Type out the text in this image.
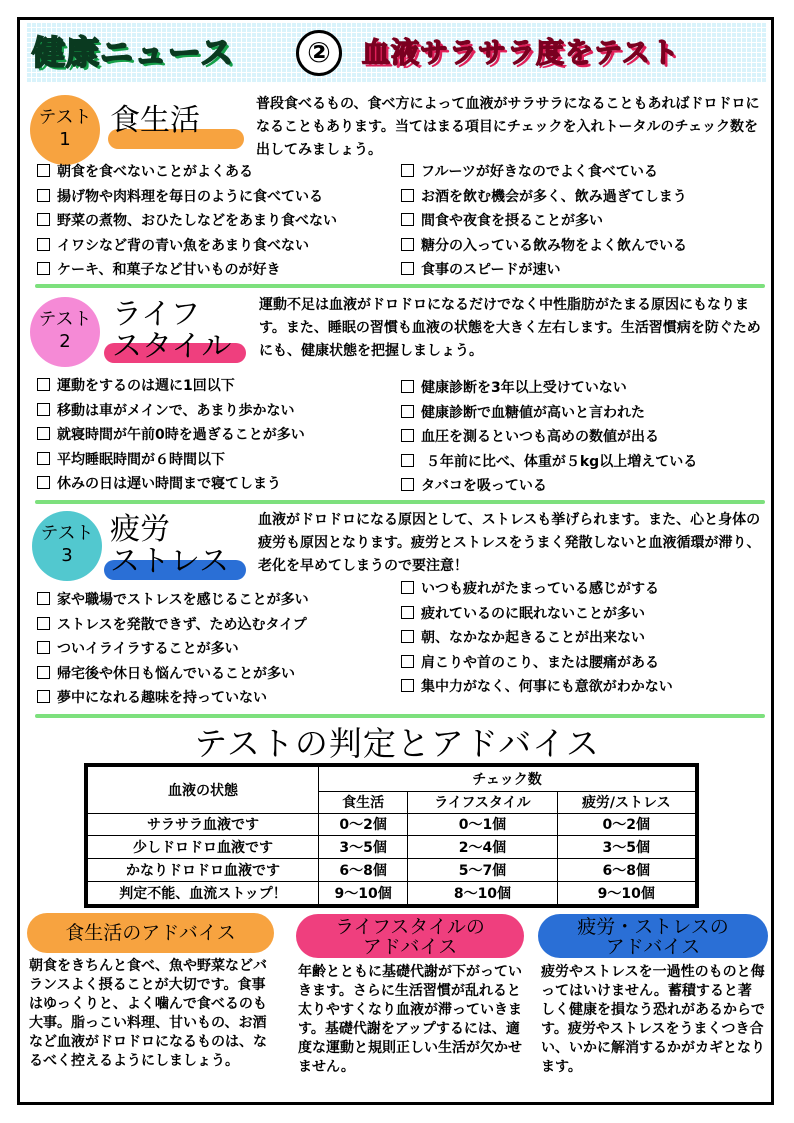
健康ニュース	②	血液サラサラ度をテスト
テスト
1
食生活	普段食べるもの、食べ方によって血液がサラサラになることもあればドロドロになることもあります。当てはまる項目にチェックを入れトータルのチェック数を出してみましょう。
朝食を食べないことがよくある
揚げ物や肉料理を毎日のように食べている
野菜の煮物、おひたしなどをあまり食べない
イワシなど背の青い魚をあまり食べない
ケーキ、和菓子など甘いものが好き
フルーツが好きなのでよく食べている
お酒を飲む機会が多く、飲み過ぎてしまう
間食や夜食を摂ることが多い
糖分の入っている飲み物をよく飲んでいる
食事のスピードが速い
テスト
2
ライフ
スタイル
運動不足は血液がドロドロになるだけでなく中性脂肪がたまる原因にもなります。また、睡眠の習慣も血液の状態を大きく左右します。生活習慣病を防ぐためにも、健康状態を把握しましょう。
運動をするのは週に1回以下
移動は車がメインで、あまり歩かない
就寝時間が午前0時を過ぎることが多い
平均睡眠時間が６時間以下
休みの日は遅い時間まで寝てしまう
健康診断を3年以上受けていない
健康診断で血糖値が高いと言われた
血圧を測るといつも高めの数値が出る
５年前に比べ、体重が５kg以上増えている
タバコを吸っている
テスト
3
疲労
ストレス
血液がドロドロになる原因として、ストレスも挙げられます。また、心と身体の疲労も原因となります。疲労とストレスをうまく発散しないと血液循環が滞り、老化を早めてしまうので要注意！
家や職場でストレスを感じることが多い
ストレスを発散できず、ため込むタイプ
ついイライラすることが多い
帰宅後や休日も悩んでいることが多い
夢中になれる趣味を持っていない
いつも疲れがたまっている感じがする
疲れているのに眠れないことが多い
朝、なかなか起きることが出来ない
肩こりや首のこり、または腰痛がある
集中力がなく、何事にも意欲がわかない
テストの判定とアドバイス
血液の状態	チェック数		
	食生活	ライフスタイル	疲労/ストレス
サラサラ血液です	0～2個	0～1個	0～2個
少しドロドロ血液です	3～5個	2～4個	3～5個
かなりドロドロ血液です	6～8個	5～7個	6～8個
判定不能、血流ストップ！	9～10個	8～10個	9～10個
食生活のアドバイス
朝食をきちんと食べ、魚や野菜などバランスよく摂ることが大切です。食事はゆっくりと、よく噛んで食べるのも大事。脂っこい料理、甘いもの、お酒など血液がドロドロになるものは、なるべく控えるようにしましょう。
ライフスタイルの
アドバイス
年齢とともに基礎代謝が下がっていきます。さらに生活習慣が乱れると太りやすくなり血液が滞っていきます。基礎代謝をアップするには、適度な運動と規則正しい生活が欠かせません。
疲労・ストレスの
アドバイス
疲労やストレスを一過性のものと侮ってはいけません。蓄積すると著しく健康を損なう恐れがあるからです。疲労やストレスをうまくつき合い、いかに解消するかがカギとなります。
